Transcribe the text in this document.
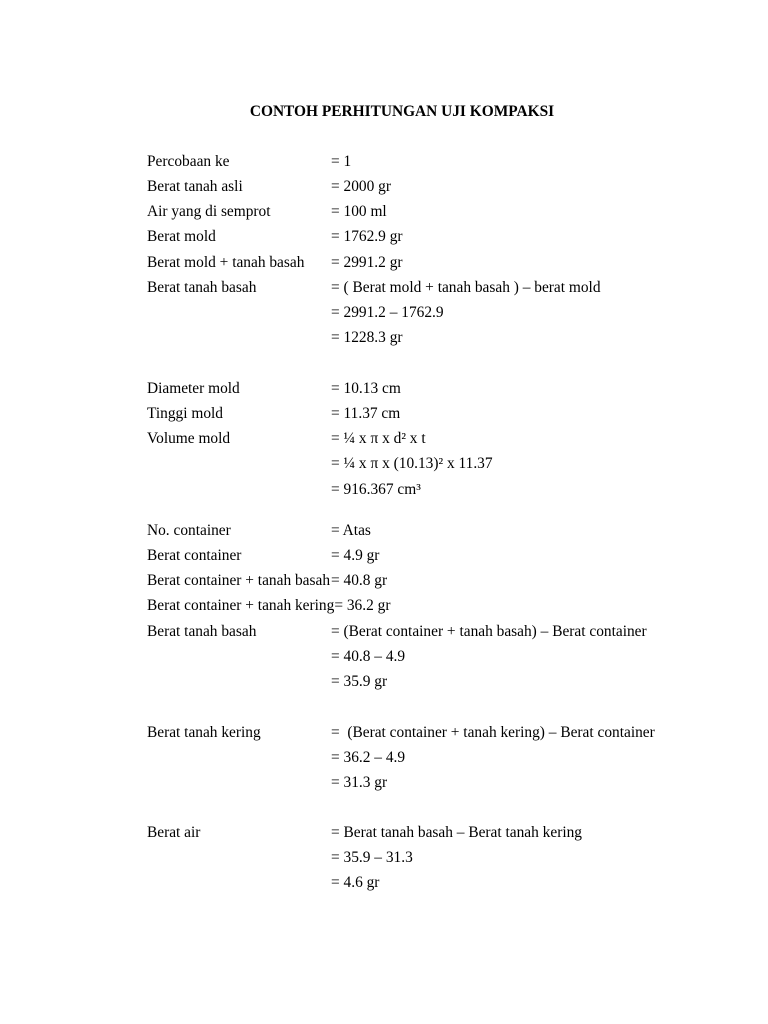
CONTOH PERHITUNGAN UJI KOMPAKSI
Percobaan ke	= 1
Berat tanah asli	= 2000 gr
Air yang di semprot	= 100 ml
Berat mold	= 1762.9 gr
Berat mold + tanah basah = 2991.2 gr
Berat tanah basah	= ( Berat mold + tanah basah ) – berat mold
= 2991.2 – 1762.9
= 1228.3 gr
Diameter mold	= 10.13 cm
Tinggi mold	= 11.37 cm
Volume mold	= ¼ x π x d² x t
= ¼ x π x (10.13)² x 11.37
= 916.367 cm³
No. container	= Atas
Berat container	= 4.9 gr
Berat container + tanah basah= 40.8 gr
Berat container + tanah kering= 36.2 gr
Berat tanah basah	= (Berat container + tanah basah) – Berat container
= 40.8 – 4.9
= 35.9 gr
Berat tanah kering	=  (Berat container + tanah kering) – Berat container
= 36.2 – 4.9
= 31.3 gr
Berat air	= Berat tanah basah – Berat tanah kering
= 35.9 – 31.3
= 4.6 gr
